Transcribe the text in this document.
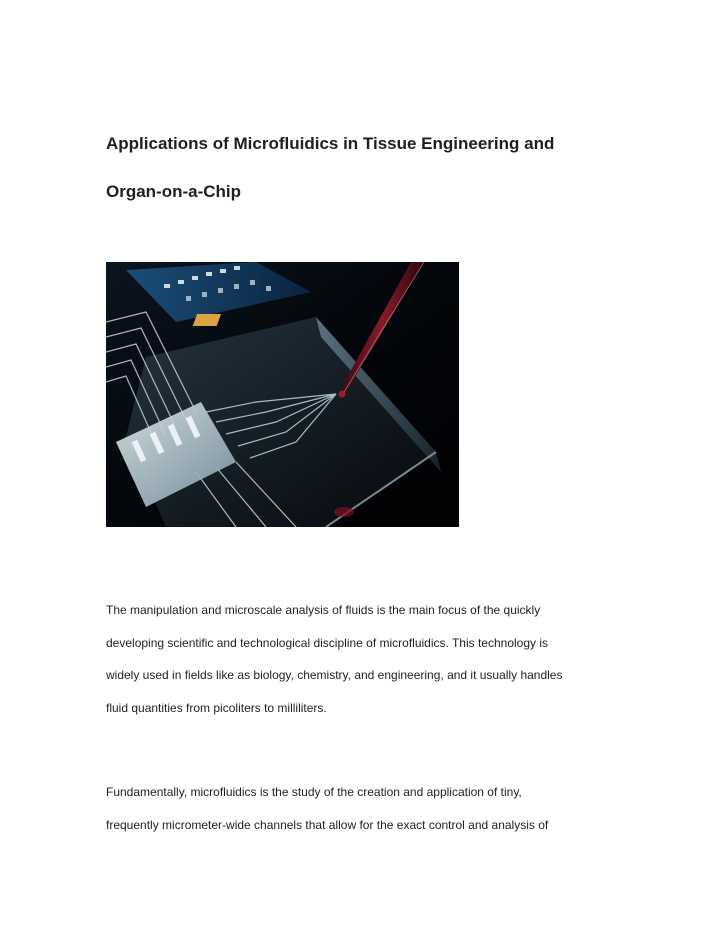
Applications of Microfluidics in Tissue Engineering and
Organ-on-a-Chip

The manipulation and microscale analysis of fluids is the main focus of the quickly
developing scientific and technological discipline of microfluidics. This technology is
widely used in fields like as biology, chemistry, and engineering, and it usually handles
fluid quantities from picoliters to milliliters.

Fundamentally, microfluidics is the study of the creation and application of tiny,
frequently micrometer-wide channels that allow for the exact control and analysis of
